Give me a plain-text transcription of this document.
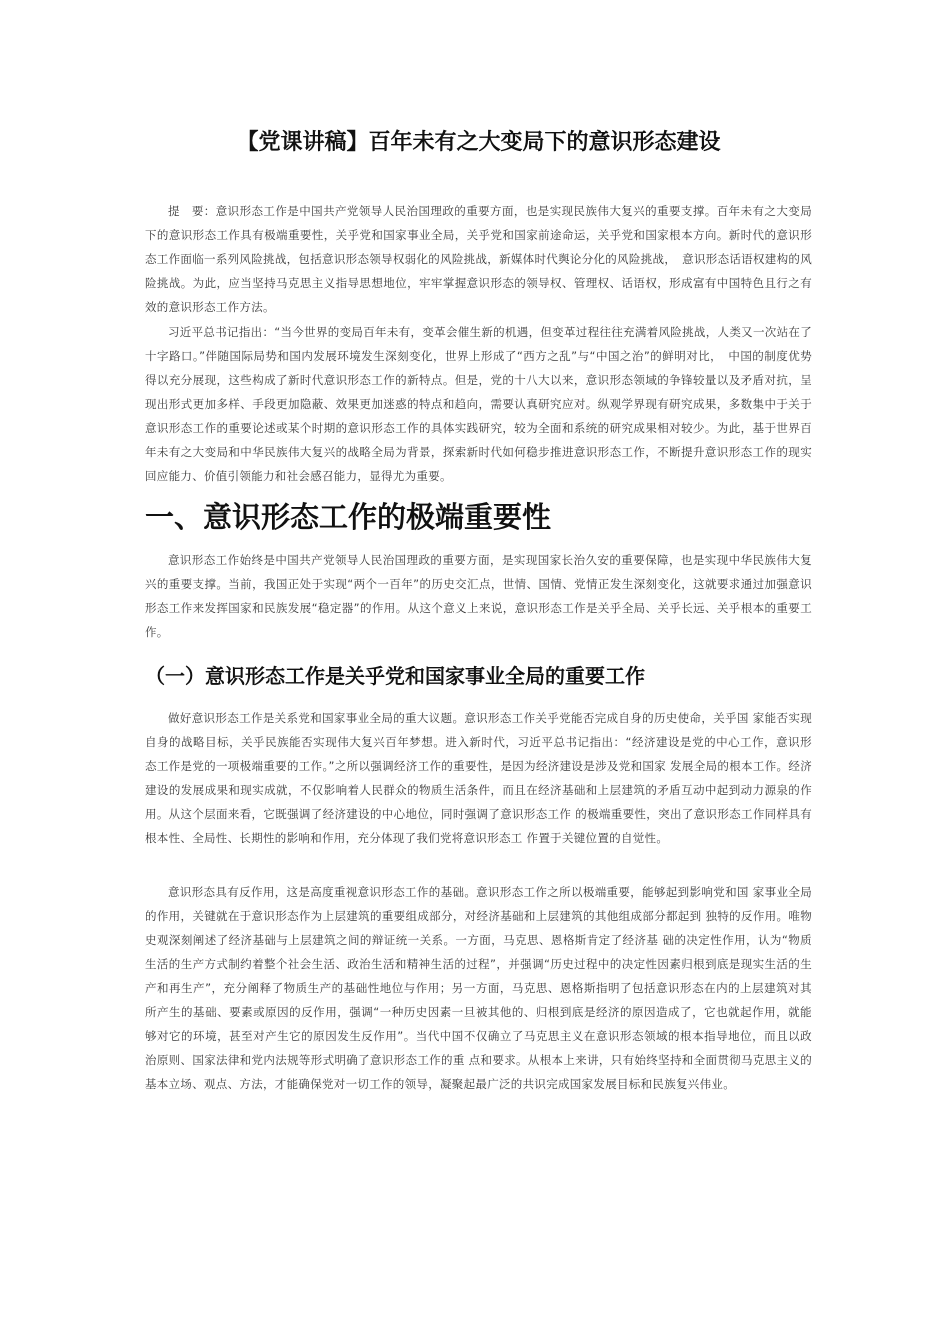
【党课讲稿】百年未有之大变局下的意识形态建设

提　要：意识形态工作是中国共产党领导人民治国理政的重要方面，也是实现民族伟大复兴的重要支撑。百年未有之大变局下的意识形态工作具有极端重要性，关乎党和国家事业全局，关乎党和国家前途命运，关乎党和国家根本方向。新时代的意识形态工作面临一系列风险挑战，包括意识形态领导权弱化的风险挑战，新媒体时代舆论分化的风险挑战，　意识形态话语权建构的风险挑战。为此，应当坚持马克思主义指导思想地位，牢牢掌握意识形态的领导权、管理权、话语权，形成富有中国特色且行之有效的意识形态工作方法。

习近平总书记指出：“当今世界的变局百年未有，变革会催生新的机遇，但变革过程往往充满着风险挑战，人类又一次站在了十字路口。”伴随国际局势和国内发展环境发生深刻变化，世界上形成了“西方之乱”与“中国之治”的鲜明对比，　中国的制度优势得以充分展现，这些构成了新时代意识形态工作的新特点。但是，党的十八大以来，意识形态领域的争锋较量以及矛盾对抗，呈现出形式更加多样、手段更加隐蔽、效果更加迷惑的特点和趋向，需要认真研究应对。纵观学界现有研究成果，多数集中于关于意识形态工作的重要论述或某个时期的意识形态工作的具体实践研究，较为全面和系统的研究成果相对较少。为此，基于世界百年未有之大变局和中华民族伟大复兴的战略全局为背景，探索新时代如何稳步推进意识形态工作，不断提升意识形态工作的现实回应能力、价值引领能力和社会感召能力，显得尤为重要。

一、意识形态工作的极端重要性

意识形态工作始终是中国共产党领导人民治国理政的重要方面，是实现国家长治久安的重要保障，也是实现中华民族伟大复兴的重要支撑。当前，我国正处于实现“两个一百年”的历史交汇点，世情、国情、党情正发生深刻变化，这就要求通过加强意识形态工作来发挥国家和民族发展“稳定器”的作用。从这个意义上来说，意识形态工作是关乎全局、关乎长远、关乎根本的重要工作。

（一）意识形态工作是关乎党和国家事业全局的重要工作

做好意识形态工作是关系党和国家事业全局的重大议题。意识形态工作关乎党能否完成自身的历史使命，关乎国 家能否实现自身的战略目标，关乎民族能否实现伟大复兴百年梦想。进入新时代，习近平总书记指出：“经济建设是党的中心工作，意识形态工作是党的一项极端重要的工作。”之所以强调经济工作的重要性，是因为经济建设是涉及党和国家 发展全局的根本工作。经济建设的发展成果和现实成就，不仅影响着人民群众的物质生活条件，而且在经济基础和上层建筑的矛盾互动中起到动力源泉的作用。从这个层面来看，它既强调了经济建设的中心地位，同时强调了意识形态工作 的极端重要性，突出了意识形态工作同样具有根本性、全局性、长期性的影响和作用，充分体现了我们党将意识形态工 作置于关键位置的自觉性。

意识形态具有反作用，这是高度重视意识形态工作的基础。意识形态工作之所以极端重要，能够起到影响党和国 家事业全局的作用，关键就在于意识形态作为上层建筑的重要组成部分，对经济基础和上层建筑的其他组成部分都起到 独特的反作用。唯物史观深刻阐述了经济基础与上层建筑之间的辩证统一关系。一方面，马克思、恩格斯肯定了经济基 础的决定性作用，认为“物质生活的生产方式制约着整个社会生活、政治生活和精神生活的过程”，并强调“历史过程中的决定性因素归根到底是现实生活的生产和再生产”，充分阐释了物质生产的基础性地位与作用；另一方面，马克思、恩格斯指明了包括意识形态在内的上层建筑对其所产生的基础、要素或原因的反作用，强调“一种历史因素一旦被其他的、归根到底是经济的原因造成了，它也就起作用，就能够对它的环境，甚至对产生它的原因发生反作用”。当代中国不仅确立了马克思主义在意识形态领域的根本指导地位，而且以政治原则、国家法律和党内法规等形式明确了意识形态工作的重 点和要求。从根本上来讲，只有始终坚持和全面贯彻马克思主义的基本立场、观点、方法，才能确保党对一切工作的领导，凝聚起最广泛的共识完成国家发展目标和民族复兴伟业。
